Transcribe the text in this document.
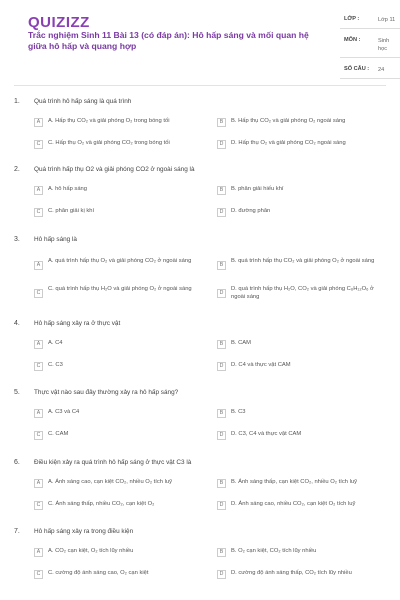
QUIZIZZ
Trắc nghiệm Sinh 11 Bài 13 (có đáp án): Hô hấp sáng và mối quan hệ giữa hô hấp và quang hợp
LỚP :	Lớp 11
MÔN :	Sinh học
SỐ CÂU : 24
1. Quá trình hô hấp sáng là quá trình
A	A. Hấp thụ CO₂ và giải phóng O₂ trong bóng tối	B	B. Hấp thụ CO₂ và giải phóng O₂ ngoài sáng
C	C. Hấp thụ O₂ và giải phóng CO₂ trong bóng tối	D	D. Hấp thụ O₂ và giải phóng CO₂ ngoài sáng
2. Quá trình hấp thụ O2 và giải phóng CO2 ở ngoài sáng là
A	A. hô hấp sáng	B	B. phân giải hiếu khí
C	C. phân giải kị khí	D	D. đường phân
3. Hô hấp sáng là
A
A. quá trình hấp thụ O₂ và giải phóng CO₂ ở ngoài sáng
B
B. quá trình hấp thụ CO₂ và giải phóng O₂ ở ngoài sáng
C
C. quá trình hấp thụ H₂O và giải phóng O₂ ở ngoài sáng
D
D. quá trình hấp thụ H₂O, CO₂ và giải phóng C₆H₁₂O₆ ở ngoài sáng
4. Hô hấp sáng xảy ra ở thực vật
A	A. C4	B	B. CAM
C	C. C3	D	D. C4 và thực vật CAM
5. Thực vật nào sau đây thường xảy ra hô hấp sáng?
A	A. C3 và C4	B	B. C3
C	C. CAM	D	D. C3, C4 và thực vật CAM
6. Điều kiện xảy ra quá trình hô hấp sáng ở thực vật C3 là
A	A. Ánh sáng cao, cạn kiệt CO₂, nhiều O₂ tích luỹ	B	B. Ánh sáng thấp, cạn kiệt CO₂, nhiều O₂ tích luỹ
C	C. Ánh sáng thấp, nhiều CO₂, cạn kiệt O₂	D	D. Ánh sáng cao, nhiều CO₂, cạn kiệt O₂ tích luỹ
7. Hô hấp sáng xảy ra trong điều kiện
A	A. CO₂ cạn kiệt, O₂ tích lũy nhiều	B	B. O₂ cạn kiệt, CO₂ tích lũy nhiều
C	C. cường độ ánh sáng cao, O₂ cạn kiệt	D	D. cường độ ánh sáng thấp, CO₂ tích lũy nhiều
